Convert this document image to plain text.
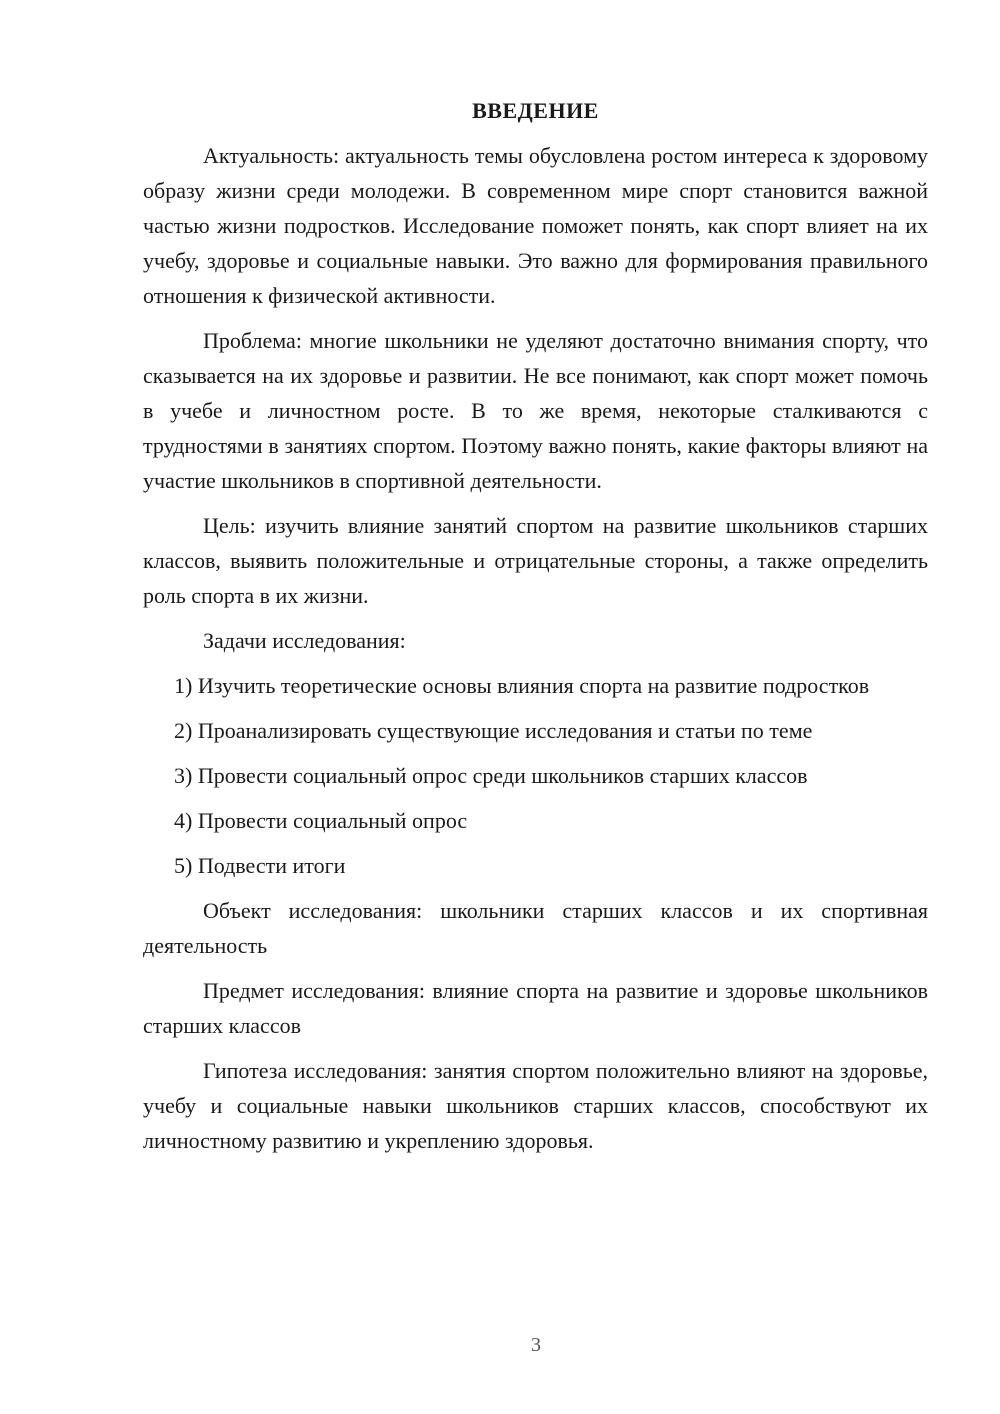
ВВЕДЕНИЕ

Актуальность: актуальность темы обусловлена ростом интереса к здоровому образу жизни среди молодежи. В современном мире спорт становится важной частью жизни подростков. Исследование поможет понять, как спорт влияет на их учебу, здоровье и социальные навыки. Это важно для формирования правильного отношения к физической активности.

Проблема: многие школьники не уделяют достаточно внимания спорту, что сказывается на их здоровье и развитии. Не все понимают, как спорт может помочь в учебе и личностном росте. В то же время, некоторые сталкиваются с трудностями в занятиях спортом. Поэтому важно понять, какие факторы влияют на участие школьников в спортивной деятельности.

Цель: изучить влияние занятий спортом на развитие школьников старших классов, выявить положительные и отрицательные стороны, а также определить роль спорта в их жизни.

Задачи исследования:

1) Изучить теоретические основы влияния спорта на развитие подростков

2) Проанализировать существующие исследования и статьи по теме

3) Провести социальный опрос среди школьников старших классов

4) Провести социальный опрос

5) Подвести итоги

Объект исследования: школьники старших классов и их спортивная деятельность

Предмет исследования: влияние спорта на развитие и здоровье школьников старших классов

Гипотеза исследования: занятия спортом положительно влияют на здоровье, учебу и социальные навыки школьников старших классов, способствуют их личностному развитию и укреплению здоровья.

3
